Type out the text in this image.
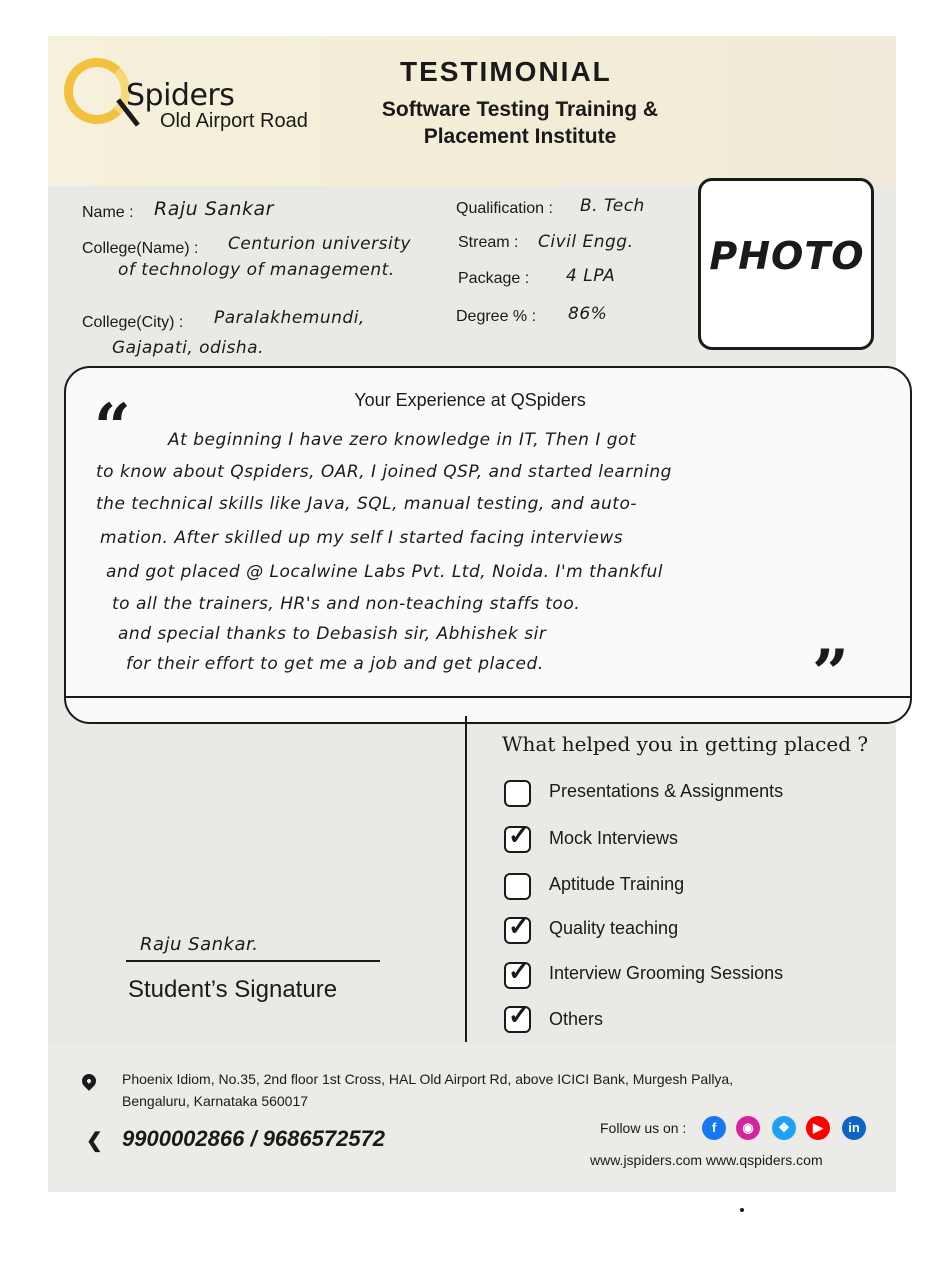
Spiders
Old Airport Road
TESTIMONIAL
Software Testing Training &
Placement Institute
Name : Raju Sankar
College(Name) : Centurion university
of technology of management.
College(City) : Paralakhemundi,
Gajapati, odisha.
Qualification : B. Tech
Stream : Civil Engg.
Package : 4 LPA
Degree % : 86%
PHOTO
Your Experience at QSpiders
“
”
At beginning I have zero knowledge in IT, Then I got
to know about Qspiders, OAR, I joined QSP, and started learning
the technical skills like Java, SQL, manual testing, and auto-
mation. After skilled up my self I started facing interviews
and got placed @ Localwine Labs Pvt. Ltd, Noida. I'm thankful
to all the trainers, HR's and non-teaching staffs too.
and special thanks to Debasish sir, Abhishek sir
for their effort to get me a job and get placed.
What helped you in getting placed ?
Presentations & Assignments
✓ Mock Interviews
Aptitude Training
✓ Quality teaching
✓ Interview Grooming Sessions
✓ Others
Raju Sankar.
Student’s Signature
Phoenix Idiom, No.35, 2nd floor 1st Cross, HAL Old Airport Rd, above ICICI Bank, Murgesh Pallya,
Bengaluru, Karnataka 560017
❮ 9900002866 / 9686572572	Follow us on :	f	◉	❖	▶	in
www.jspiders.com www.qspiders.com
